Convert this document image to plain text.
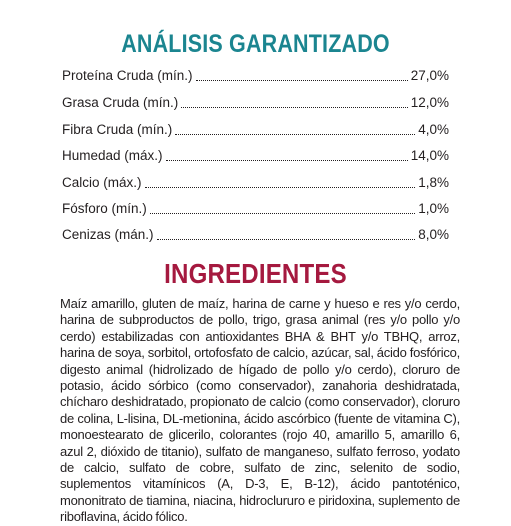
ANÁLISIS GARANTIZADO
Proteína Cruda (mín.)	27,0%
Grasa Cruda (mín.)	12,0%
Fibra Cruda (mín.)	4,0%
Humedad (máx.)	14,0%
Calcio (máx.)	1,8%
Fósforo (mín.)	1,0%
Cenizas (mán.)	8,0%
INGREDIENTES

Maíz amarillo, gluten de maíz, harina de carne y hueso e res y/o cerdo, harina de subproductos de pollo, trigo, grasa animal (res y/o pollo y/o cerdo) estabilizadas con antioxidantes BHA & BHT y/o TBHQ, arroz, harina de soya, sorbitol, ortofosfato de calcio, azúcar, sal, ácido fosfórico, digesto animal (hidrolizado de hígado de pollo y/o cerdo), cloruro de potasio, ácido sórbico (como conservador), zanahoria deshidratada, chícharo deshidratado, propionato de calcio (como conservador), cloruro de colina, L-lisina, DL-metionina, ácido ascórbico (fuente de vitamina C), monoestearato de glicerilo, colorantes (rojo 40, amarillo 5, amarillo 6, azul 2, dióxido de titanio), sulfato de manganeso, sulfato ferroso, yodato de calcio, sulfato de cobre, sulfato de zinc, selenito de sodio, suplementos vitamínicos (A, D-3, E, B-12), ácido pantoténico, mononitrato de tiamina, niacina, hidroclururo e piridoxina, suplemento de riboflavina, ácido fólico.
